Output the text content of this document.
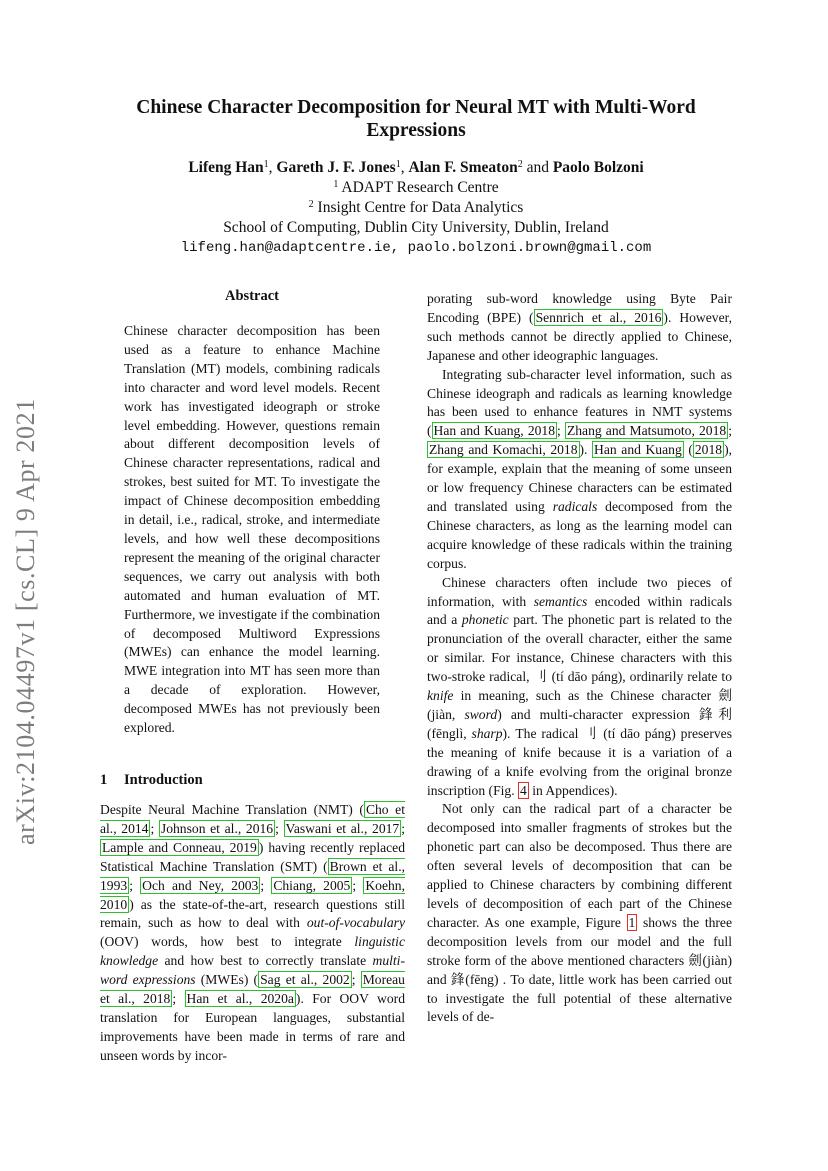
arXiv:2104.04497v1 [cs.CL] 9 Apr 2021
Chinese Character Decomposition for Neural MT with Multi-Word
Expressions
Lifeng Han$^1$, Gareth J. F. Jones$^1$, Alan F. Smeaton$^2$ and Paolo Bolzoni
$^1$ ADAPT Research Centre
$^2$ Insight Centre for Data Analytics
School of Computing, Dublin City University, Dublin, Ireland
lifeng.han@adaptcentre.ie, paolo.bolzoni.brown@gmail.com
Abstract

Chinese character decomposition has been used as a feature to enhance Machine Translation (MT) models, combining radicals into character and word level models. Recent work has investigated ideograph or stroke level embedding. However, questions remain about different decomposition levels of Chinese character representations, radical and strokes, best suited for MT. To investigate the impact of Chinese decomposition embedding in detail, i.e., radical, stroke, and intermediate levels, and how well these decompositions represent the meaning of the original character sequences, we carry out analysis with both automated and human evaluation of MT. Furthermore, we investigate if the combination of decomposed Multiword Expressions (MWEs) can enhance the model learning. MWE integration into MT has seen more than a decade of exploration. However, decomposed MWEs has not previously been explored.

1 Introduction

Despite Neural Machine Translation (NMT) ( Cho et al., 2014 ; Johnson et al., 2016 ; Vaswani et al., 2017 ; Lample and Conneau, 2019 ) having recently replaced Statistical Machine Translation (SMT) ( Brown et al., 1993 ; Och and Ney, 2003 ; Chiang, 2005 ; Koehn, 2010 ) as the state-of-the-art, research questions still remain, such as how to deal with out-of-vocabulary (OOV) words, how best to integrate linguistic knowledge and how best to correctly translate multi-word expressions (MWEs) ( Sag et al., 2002 ; Moreau et al., 2018 ; Han et al., 2020a ). For OOV word translation for European languages, substantial improvements have been made in terms of rare and unseen words by incor-

porating sub-word knowledge using Byte Pair Encoding (BPE) ( Sennrich et al., 2016 ). However, such methods cannot be directly applied to Chinese, Japanese and other ideographic languages.

Integrating sub-character level information, such as Chinese ideograph and radicals as learning knowledge has been used to enhance features in NMT systems ( Han and Kuang, 2018 ; Zhang and Matsumoto, 2018 ; Zhang and Komachi, 2018 ). Han and Kuang ( 2018 ), for example, explain that the meaning of some unseen or low frequency Chinese characters can be estimated and translated using radicals decomposed from the Chinese characters, as long as the learning model can acquire knowledge of these radicals within the training corpus.

Chinese characters often include two pieces of information, with semantics encoded within radicals and a phonetic part. The phonetic part is related to the pronunciation of the overall character, either the same or similar. For instance, Chinese characters with this two-stroke radical, 刂 (tí dāo páng), ordinarily relate to knife in meaning, such as the Chinese character 劍 (jiàn, sword) and multi-character expression 鋒利(fēnglì, sharp). The radical 刂 (tí dāo páng) preserves the meaning of knife because it is a variation of a drawing of a knife evolving from the original bronze inscription (Fig. 4 in Appendices).

Not only can the radical part of a character be decomposed into smaller fragments of strokes but the phonetic part can also be decomposed. Thus there are often several levels of decomposition that can be applied to Chinese characters by combining different levels of decomposition of each part of the Chinese character. As one example, Figure 1 shows the three decomposition levels from our model and the full stroke form of the above mentioned characters 劍(jiàn) and 鋒(fēng) . To date, little work has been carried out to investigate the full potential of these alternative levels of de-
